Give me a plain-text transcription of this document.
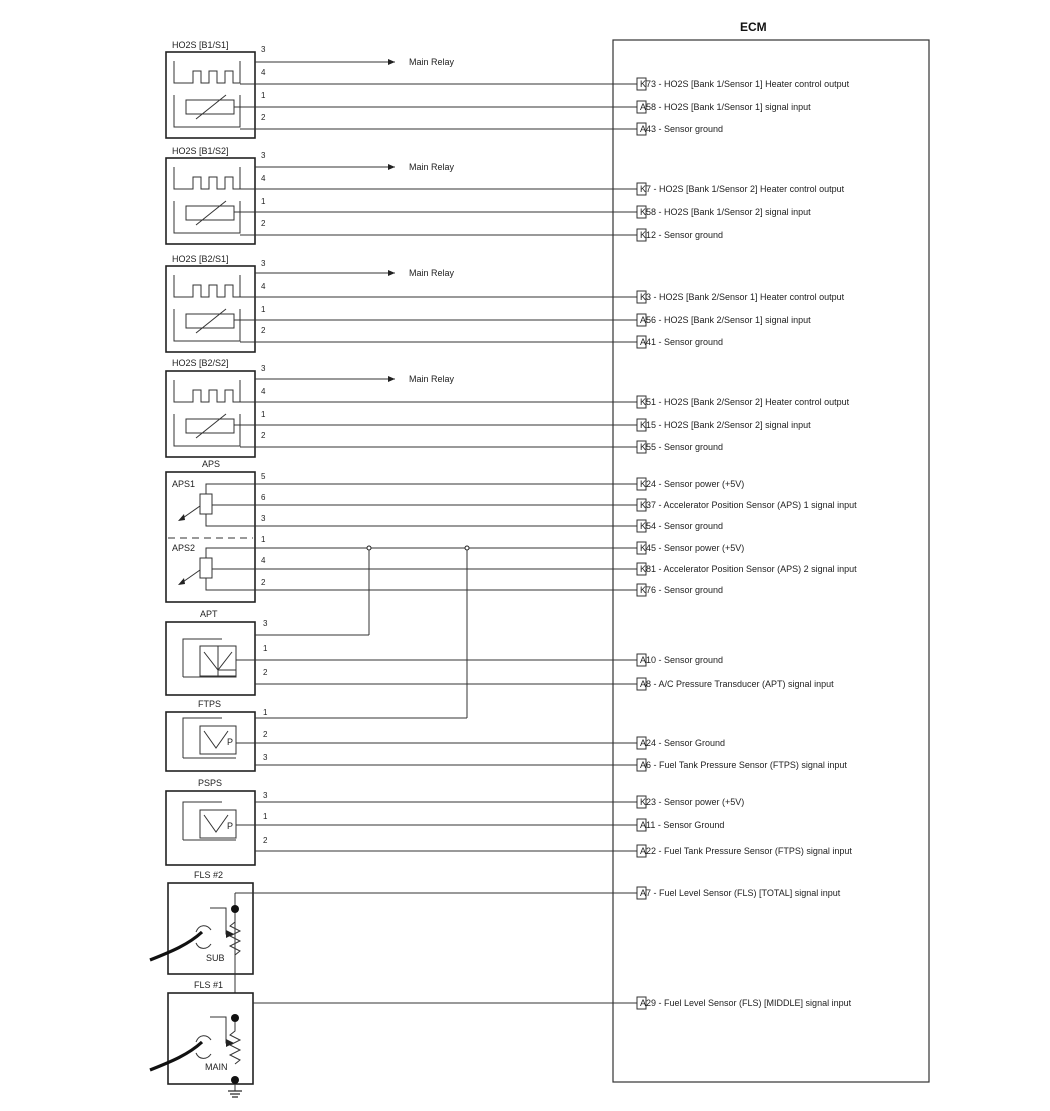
ECM
HO2S [B1/S1]
Main Relay
3
4
1
2
K73 - HO2S [Bank 1/Sensor 1] Heater control output
A58 - HO2S [Bank 1/Sensor 1] signal input
A43 - Sensor ground
HO2S [B1/S2]
Main Relay
3
4
1
2
K7 - HO2S [Bank 1/Sensor 2] Heater control output
K58 - HO2S [Bank 1/Sensor 2] signal input
K12 - Sensor ground
HO2S [B2/S1]
Main Relay
3
4
1
2
K3 - HO2S [Bank 2/Sensor 1] Heater control output
A56 - HO2S [Bank 2/Sensor 1] signal input
A41 - Sensor ground
HO2S [B2/S2]
Main Relay
3
4
1
2
K51 - HO2S [Bank 2/Sensor 2] Heater control output
K15 - HO2S [Bank 2/Sensor 2] signal input
K55 - Sensor ground
APS
APS1
APS2
5
6
3
1
4
2
K24 - Sensor power (+5V)
K37 - Accelerator Position Sensor (APS) 1 signal input
K54 - Sensor ground
K45 - Sensor power (+5V)
K81 - Accelerator Position Sensor (APS) 2 signal input
K76 - Sensor ground
APT
3
1
2
A10 - Sensor ground
A8 - A/C Pressure Transducer (APT) signal input
FTPS
P
1
2
3
A24 - Sensor Ground
A6 - Fuel Tank Pressure Sensor (FTPS) signal input
PSPS
P
3
1
2
K23 - Sensor power (+5V)
A11 - Sensor Ground
A22 - Fuel Tank Pressure Sensor (FTPS) signal input
FLS #2
SUB
A7 - Fuel Level Sensor (FLS) [TOTAL] signal input
FLS #1
MAIN
A29 - Fuel Level Sensor (FLS) [MIDDLE] signal input
